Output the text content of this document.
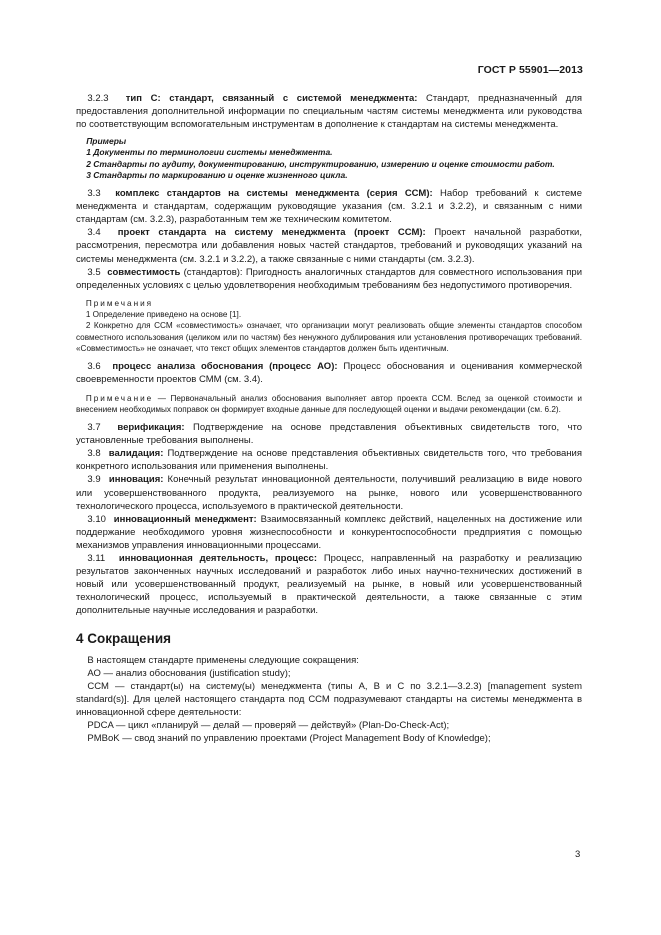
ГОСТ Р 55901—2013

3.2.3 тип С: стандарт, связанный с системой менеджмента: Стандарт, предназначенный для предоставления дополнительной информации по специальным частям системы менеджмента или руководства по соответствующим вспомогательным инструментам в дополнение к стандартам на системы менеджмента.

Примеры

1 Документы по терминологии системы менеджмента.

2 Стандарты по аудиту, документированию, инструктированию, измерению и оценке стоимости работ.

3 Стандарты по маркированию и оценке жизненного цикла.

3.3 комплекс стандартов на системы менеджмента (серия ССМ): Набор требований к системе менеджмента и стандартам, содержащим руководящие указания (см. 3.2.1 и 3.2.2), и связанным с ними стандартам (см. 3.2.3), разработанным тем же техническим комитетом.

3.4 проект стандарта на систему менеджмента (проект ССМ): Проект начальной разработки, рассмотрения, пересмотра или добавления новых частей стандартов, требований и руководящих указаний на системы менеджмента (см. 3.2.1 и 3.2.2), а также связанные с ними стандарты (см. 3.2.3).

3.5 совместимость (стандартов): Пригодность аналогичных стандартов для совместного использования при определенных условиях с целью удовлетворения необходимым требованиям без недопустимого противоречия.

Примечания

1 Определение приведено на основе [1].

2 Конкретно для ССМ «совместимость» означает, что организации могут реализовать общие элементы стандартов способом совместного использования (целиком или по частям) без ненужного дублирования или установления противоречащих требований. «Совместимость» не означает, что текст общих элементов стандартов должен быть идентичным.

3.6 процесс анализа обоснования (процесс АО): Процесс обоснования и оценивания коммерческой своевременности проектов СММ (см. 3.4).

Примечание — Первоначальный анализ обоснования выполняет автор проекта ССМ. Вслед за оценкой стоимости и внесением необходимых поправок он формирует входные данные для последующей оценки и выдачи рекомендации (см. 6.2).

3.7 верификация: Подтверждение на основе представления объективных свидетельств того, что установленные требования выполнены.

3.8 валидация: Подтверждение на основе представления объективных свидетельств того, что требования конкретного использования или применения выполнены.

3.9 инновация: Конечный результат инновационной деятельности, получивший реализацию в виде нового или усовершенствованного продукта, реализуемого на рынке, нового или усовершенствованного технологического процесса, используемого в практической деятельности.

3.10 инновационный менеджмент: Взаимосвязанный комплекс действий, нацеленных на достижение или поддержание необходимого уровня жизнеспособности и конкурентоспособности предприятия с помощью механизмов управления инновационными процессами.

3.11 инновационная деятельность, процесс: Процесс, направленный на разработку и реализацию результатов законченных научных исследований и разработок либо иных научно-технических достижений в новый или усовершенствованный продукт, реализуемый на рынке, в новый или усовершенствованный технологический процесс, используемый в практической деятельности, а также связанные с этим дополнительные научные исследования и разработки.

4 Сокращения

В настоящем стандарте применены следующие сокращения:

АО — анализ обоснования (justification study);

ССМ — стандарт(ы) на систему(ы) менеджмента (типы А, В и С по 3.2.1—3.2.3) [management system standard(s)]. Для целей настоящего стандарта под ССМ подразумевают стандарты на системы менеджмента в инновационной сфере деятельности:

PDCA — цикл «планируй — делай — проверяй — действуй» (Plan-Do-Check-Act);

PMBoK — свод знаний по управлению проектами (Project Management Body of Knowledge);

3
